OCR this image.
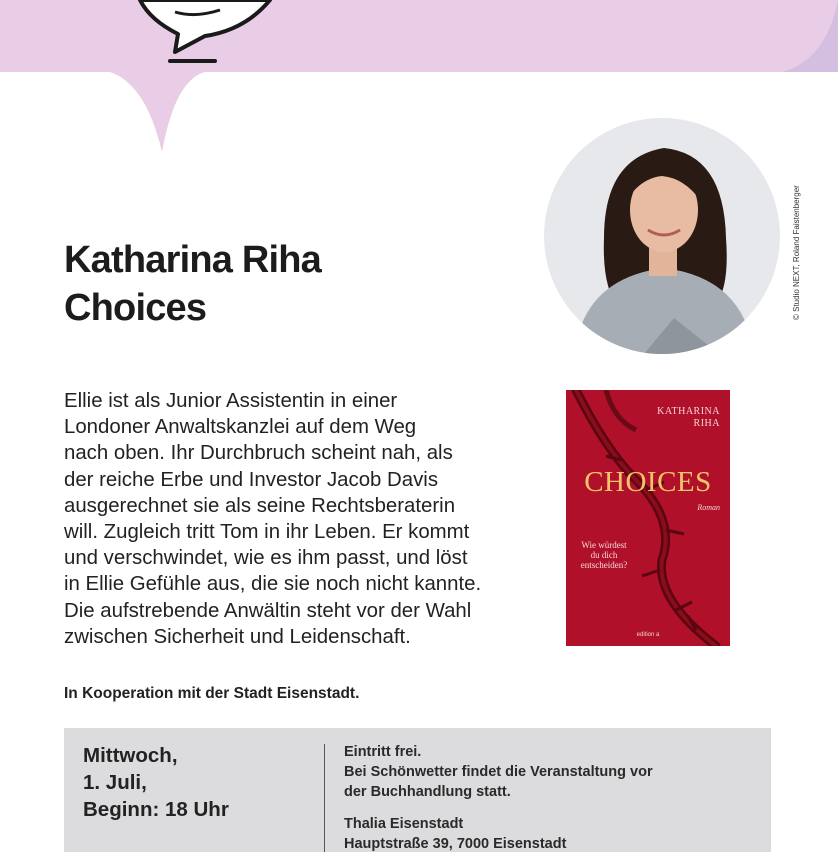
Katharina Riha
Choices	© Studio NEXT, Roland Faistenberger

Ellie ist als Junior Assistentin in einer
Londoner Anwaltskanzlei auf dem Weg
nach oben. Ihr Durchbruch scheint nah, als
der reiche Erbe und Investor Jacob Davis
ausgerechnet sie als seine Rechtsberaterin
will. Zugleich tritt Tom in ihr Leben. Er kommt
und verschwindet, wie es ihm passt, und löst
in Ellie Gefühle aus, die sie noch nicht kannte.
Die aufstrebende Anwältin steht vor der Wahl
zwischen Sicherheit und Leidenschaft.

KATHARINA
RIHA
CHOICES
Roman
Wie würdest
du dich
entscheiden?
edition a
In Kooperation mit der Stadt Eisenstadt.
Mittwoch,
1. Juli,
Beginn: 18 Uhr
Eintritt frei.
Bei Schönwetter findet die Veranstaltung vor
der Buchhandlung statt.
Thalia Eisenstadt
Hauptstraße 39, 7000 Eisenstadt
